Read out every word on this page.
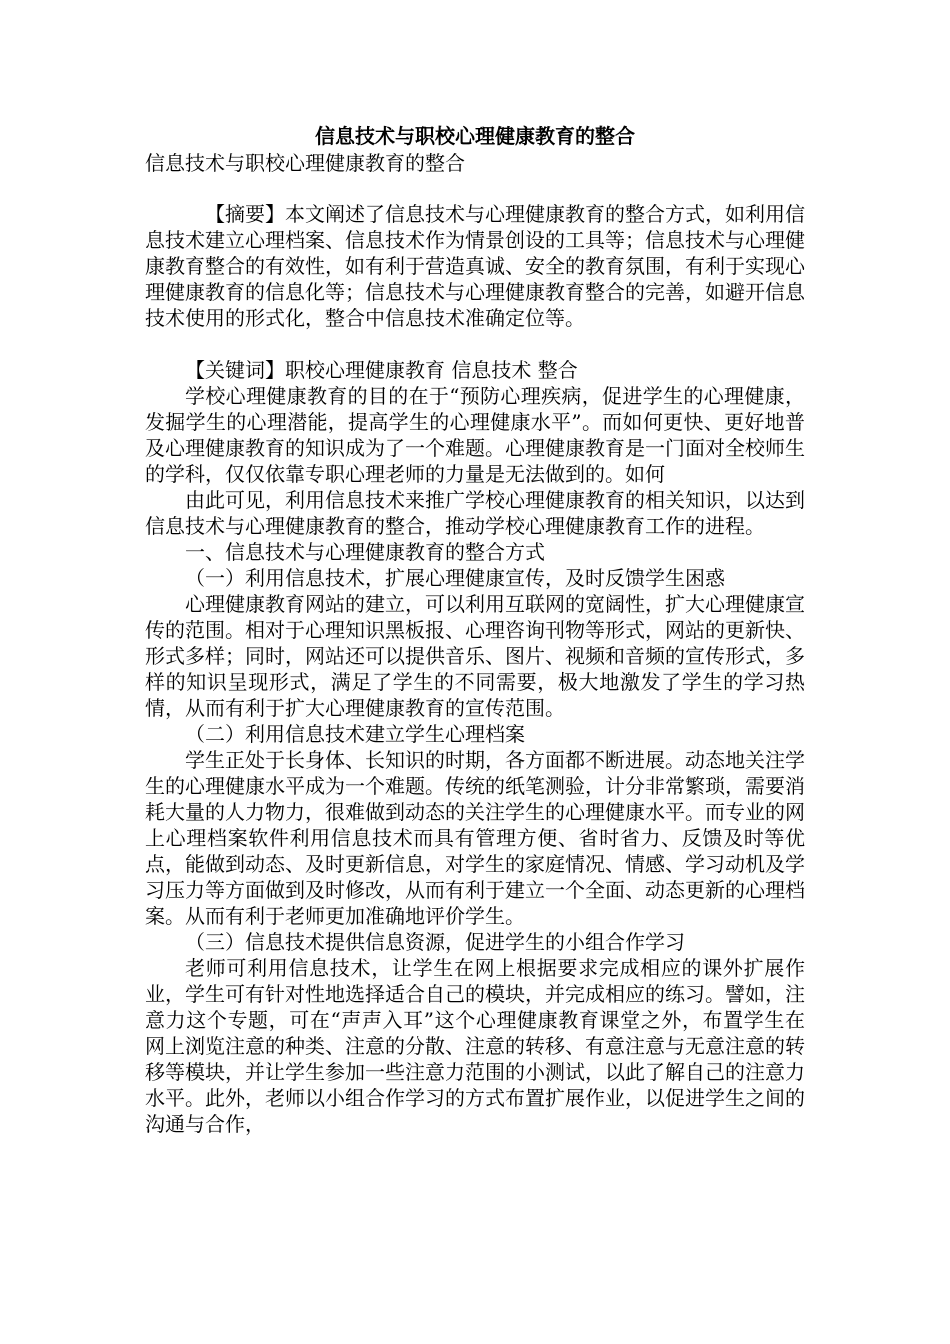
信息技术与职校心理健康教育的整合
信息技术与职校心理健康教育的整合

【摘要】本文阐述了信息技术与心理健康教育的整合方式，如利用信息技术建立心理档案、信息技术作为情景创设的工具等；信息技术与心理健康教育整合的有效性，如有利于营造真诚、安全的教育氛围，有利于实现心理健康教育的信息化等；信息技术与心理健康教育整合的完善，如避开信息技术使用的形式化，整合中信息技术准确定位等。

【关键词】职校心理健康教育 信息技术 整合

学校心理健康教育的目的在于“预防心理疾病，促进学生的心理健康，发掘学生的心理潜能，提高学生的心理健康水平”。而如何更快、更好地普及心理健康教育的知识成为了一个难题。心理健康教育是一门面对全校师生的学科，仅仅依靠专职心理老师的力量是无法做到的。如何

由此可见，利用信息技术来推广学校心理健康教育的相关知识，以达到信息技术与心理健康教育的整合，推动学校心理健康教育工作的进程。

一、信息技术与心理健康教育的整合方式

（一）利用信息技术，扩展心理健康宣传，及时反馈学生困惑

心理健康教育网站的建立，可以利用互联网的宽阔性，扩大心理健康宣传的范围。相对于心理知识黑板报、心理咨询刊物等形式，网站的更新快、形式多样；同时，网站还可以提供音乐、图片、视频和音频的宣传形式，多样的知识呈现形式，满足了学生的不同需要，极大地激发了学生的学习热情，从而有利于扩大心理健康教育的宣传范围。

（二）利用信息技术建立学生心理档案

学生正处于长身体、长知识的时期，各方面都不断进展。动态地关注学生的心理健康水平成为一个难题。传统的纸笔测验，计分非常繁琐，需要消耗大量的人力物力，很难做到动态的关注学生的心理健康水平。而专业的网上心理档案软件利用信息技术而具有管理方便、省时省力、反馈及时等优点，能做到动态、及时更新信息，对学生的家庭情况、情感、学习动机及学习压力等方面做到及时修改，从而有利于建立一个全面、动态更新的心理档案。从而有利于老师更加准确地评价学生。

（三）信息技术提供信息资源，促进学生的小组合作学习

老师可利用信息技术，让学生在网上根据要求完成相应的课外扩展作业，学生可有针对性地选择适合自己的模块，并完成相应的练习。譬如，注意力这个专题，可在“声声入耳”这个心理健康教育课堂之外，布置学生在网上浏览注意的种类、注意的分散、注意的转移、有意注意与无意注意的转移等模块，并让学生参加一些注意力范围的小测试，以此了解自己的注意力水平。此外，老师以小组合作学习的方式布置扩展作业，以促进学生之间的沟通与合作，
